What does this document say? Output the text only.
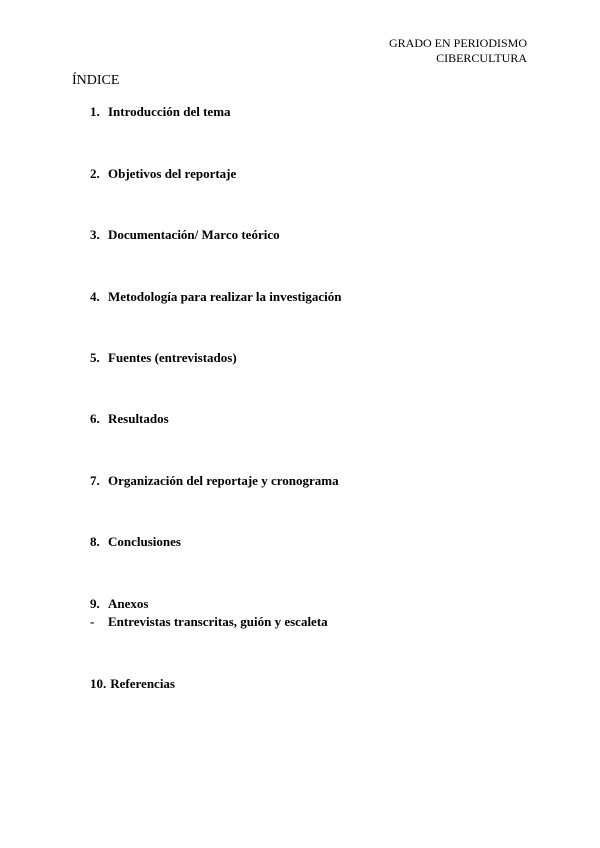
GRADO EN PERIODISMO
CIBERCULTURA
ÍNDICE
1. Introducción del tema
2. Objetivos del reportaje
3. Documentación/ Marco teórico
4. Metodología para realizar la investigación
5. Fuentes (entrevistados)
6. Resultados
7. Organización del reportaje y cronograma
8. Conclusiones
9. Anexos
- Entrevistas transcritas, guión y escaleta
10. Referencias
